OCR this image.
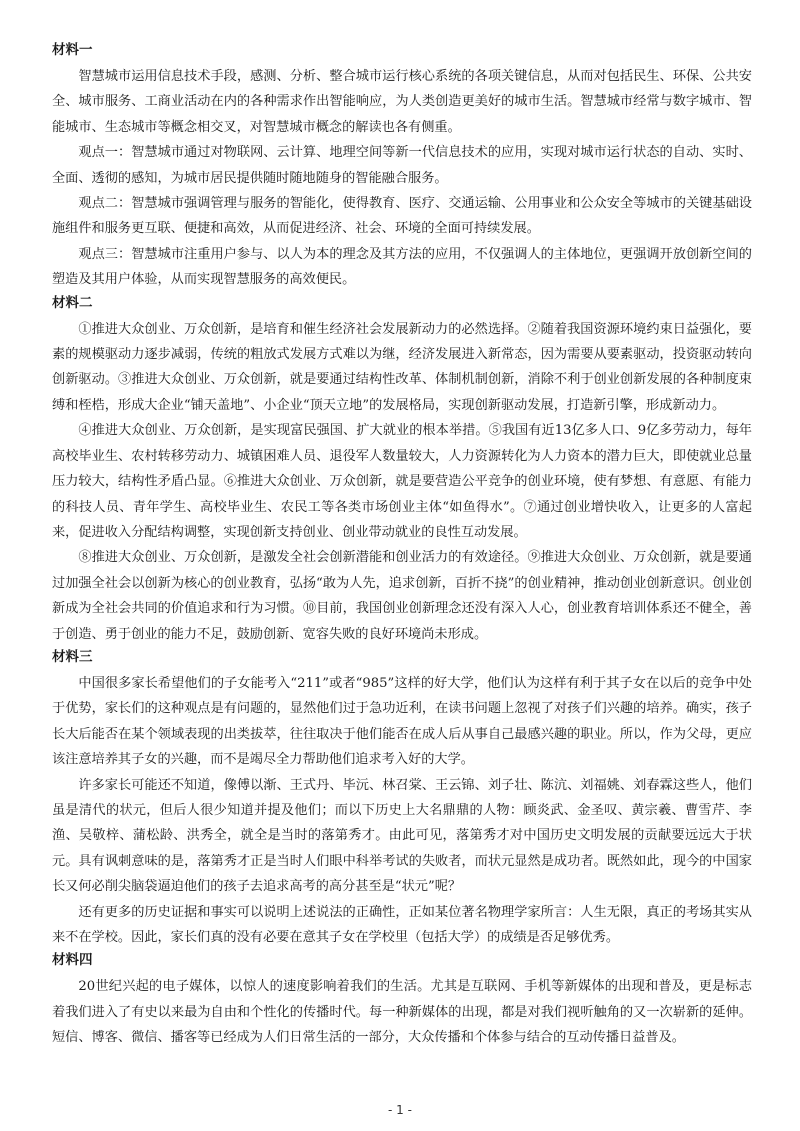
材料一

智慧城市运用信息技术手段，感测、分析、整合城市运行核心系统的各项关键信息，从而对包括民生、环保、公共安全、城市服务、工商业活动在内的各种需求作出智能响应，为人类创造更美好的城市生活。智慧城市经常与数字城市、智能城市、生态城市等概念相交叉，对智慧城市概念的解读也各有侧重。

观点一：智慧城市通过对物联网、云计算、地理空间等新一代信息技术的应用，实现对城市运行状态的自动、实时、全面、透彻的感知，为城市居民提供随时随地随身的智能融合服务。

观点二：智慧城市强调管理与服务的智能化，使得教育、医疗、交通运输、公用事业和公众安全等城市的关键基础设施组件和服务更互联、便捷和高效，从而促进经济、社会、环境的全面可持续发展。

观点三：智慧城市注重用户参与、以人为本的理念及其方法的应用，不仅强调人的主体地位，更强调开放创新空间的塑造及其用户体验，从而实现智慧服务的高效便民。

材料二

①推进大众创业、万众创新，是培育和催生经济社会发展新动力的必然选择。②随着我国资源环境约束日益强化，要素的规模驱动力逐步减弱，传统的粗放式发展方式难以为继，经济发展进入新常态，因为需要从要素驱动，投资驱动转向创新驱动。③推进大众创业、万众创新，就是要通过结构性改革、体制机制创新，消除不利于创业创新发展的各种制度束缚和桎梏，形成大企业“铺天盖地”、小企业“顶天立地”的发展格局，实现创新驱动发展，打造新引擎，形成新动力。

④推进大众创业、万众创新，是实现富民强国、扩大就业的根本举措。⑤我国有近13亿多人口、9亿多劳动力，每年高校毕业生、农村转移劳动力、城镇困难人员、退役军人数量较大，人力资源转化为人力资本的潜力巨大，即使就业总量压力较大，结构性矛盾凸显。⑥推进大众创业、万众创新，就是要营造公平竞争的创业环境，使有梦想、有意愿、有能力的科技人员、青年学生、高校毕业生、农民工等各类市场创业主体“如鱼得水”。⑦通过创业增快收入，让更多的人富起来，促进收入分配结构调整，实现创新支持创业、创业带动就业的良性互动发展。

⑧推进大众创业、万众创新，是激发全社会创新潜能和创业活力的有效途径。⑨推进大众创业、万众创新，就是要通过加强全社会以创新为核心的创业教育，弘扬“敢为人先，追求创新，百折不挠”的创业精神，推动创业创新意识。创业创新成为全社会共同的价值追求和行为习惯。⑩目前，我国创业创新理念还没有深入人心，创业教育培训体系还不健全，善于创造、勇于创业的能力不足，鼓励创新、宽容失败的良好环境尚未形成。

材料三

中国很多家长希望他们的子女能考入“211”或者“985”这样的好大学，他们认为这样有利于其子女在以后的竞争中处于优势，家长们的这种观点是有问题的，显然他们过于急功近利，在读书问题上忽视了对孩子们兴趣的培养。确实，孩子长大后能否在某个领域表现的出类拔萃，往往取决于他们能否在成人后从事自己最感兴趣的职业。所以，作为父母，更应该注意培养其子女的兴趣，而不是竭尽全力帮助他们追求考入好的大学。

许多家长可能还不知道，像傅以渐、王式丹、毕沅、林召棠、王云锦、刘子壮、陈沆、刘福姚、刘春霖这些人，他们虽是清代的状元，但后人很少知道并提及他们；而以下历史上大名鼎鼎的人物：顾炎武、金圣叹、黄宗羲、曹雪芹、李渔、吴敬梓、蒲松龄、洪秀全，就全是当时的落第秀才。由此可见，落第秀才对中国历史文明发展的贡献要远远大于状元。具有讽刺意味的是，落第秀才正是当时人们眼中科举考试的失败者，而状元显然是成功者。既然如此，现今的中国家长又何必削尖脑袋逼迫他们的孩子去追求高考的高分甚至是“状元”呢？

还有更多的历史证据和事实可以说明上述说法的正确性，正如某位著名物理学家所言：人生无限，真正的考场其实从来不在学校。因此，家长们真的没有必要在意其子女在学校里（包括大学）的成绩是否足够优秀。

材料四

20世纪兴起的电子媒体，以惊人的速度影响着我们的生活。尤其是互联网、手机等新媒体的出现和普及，更是标志着我们进入了有史以来最为自由和个性化的传播时代。每一种新媒体的出现，都是对我们视听触角的又一次崭新的延伸。短信、博客、微信、播客等已经成为人们日常生活的一部分，大众传播和个体参与结合的互动传播日益普及。

- 1 -
